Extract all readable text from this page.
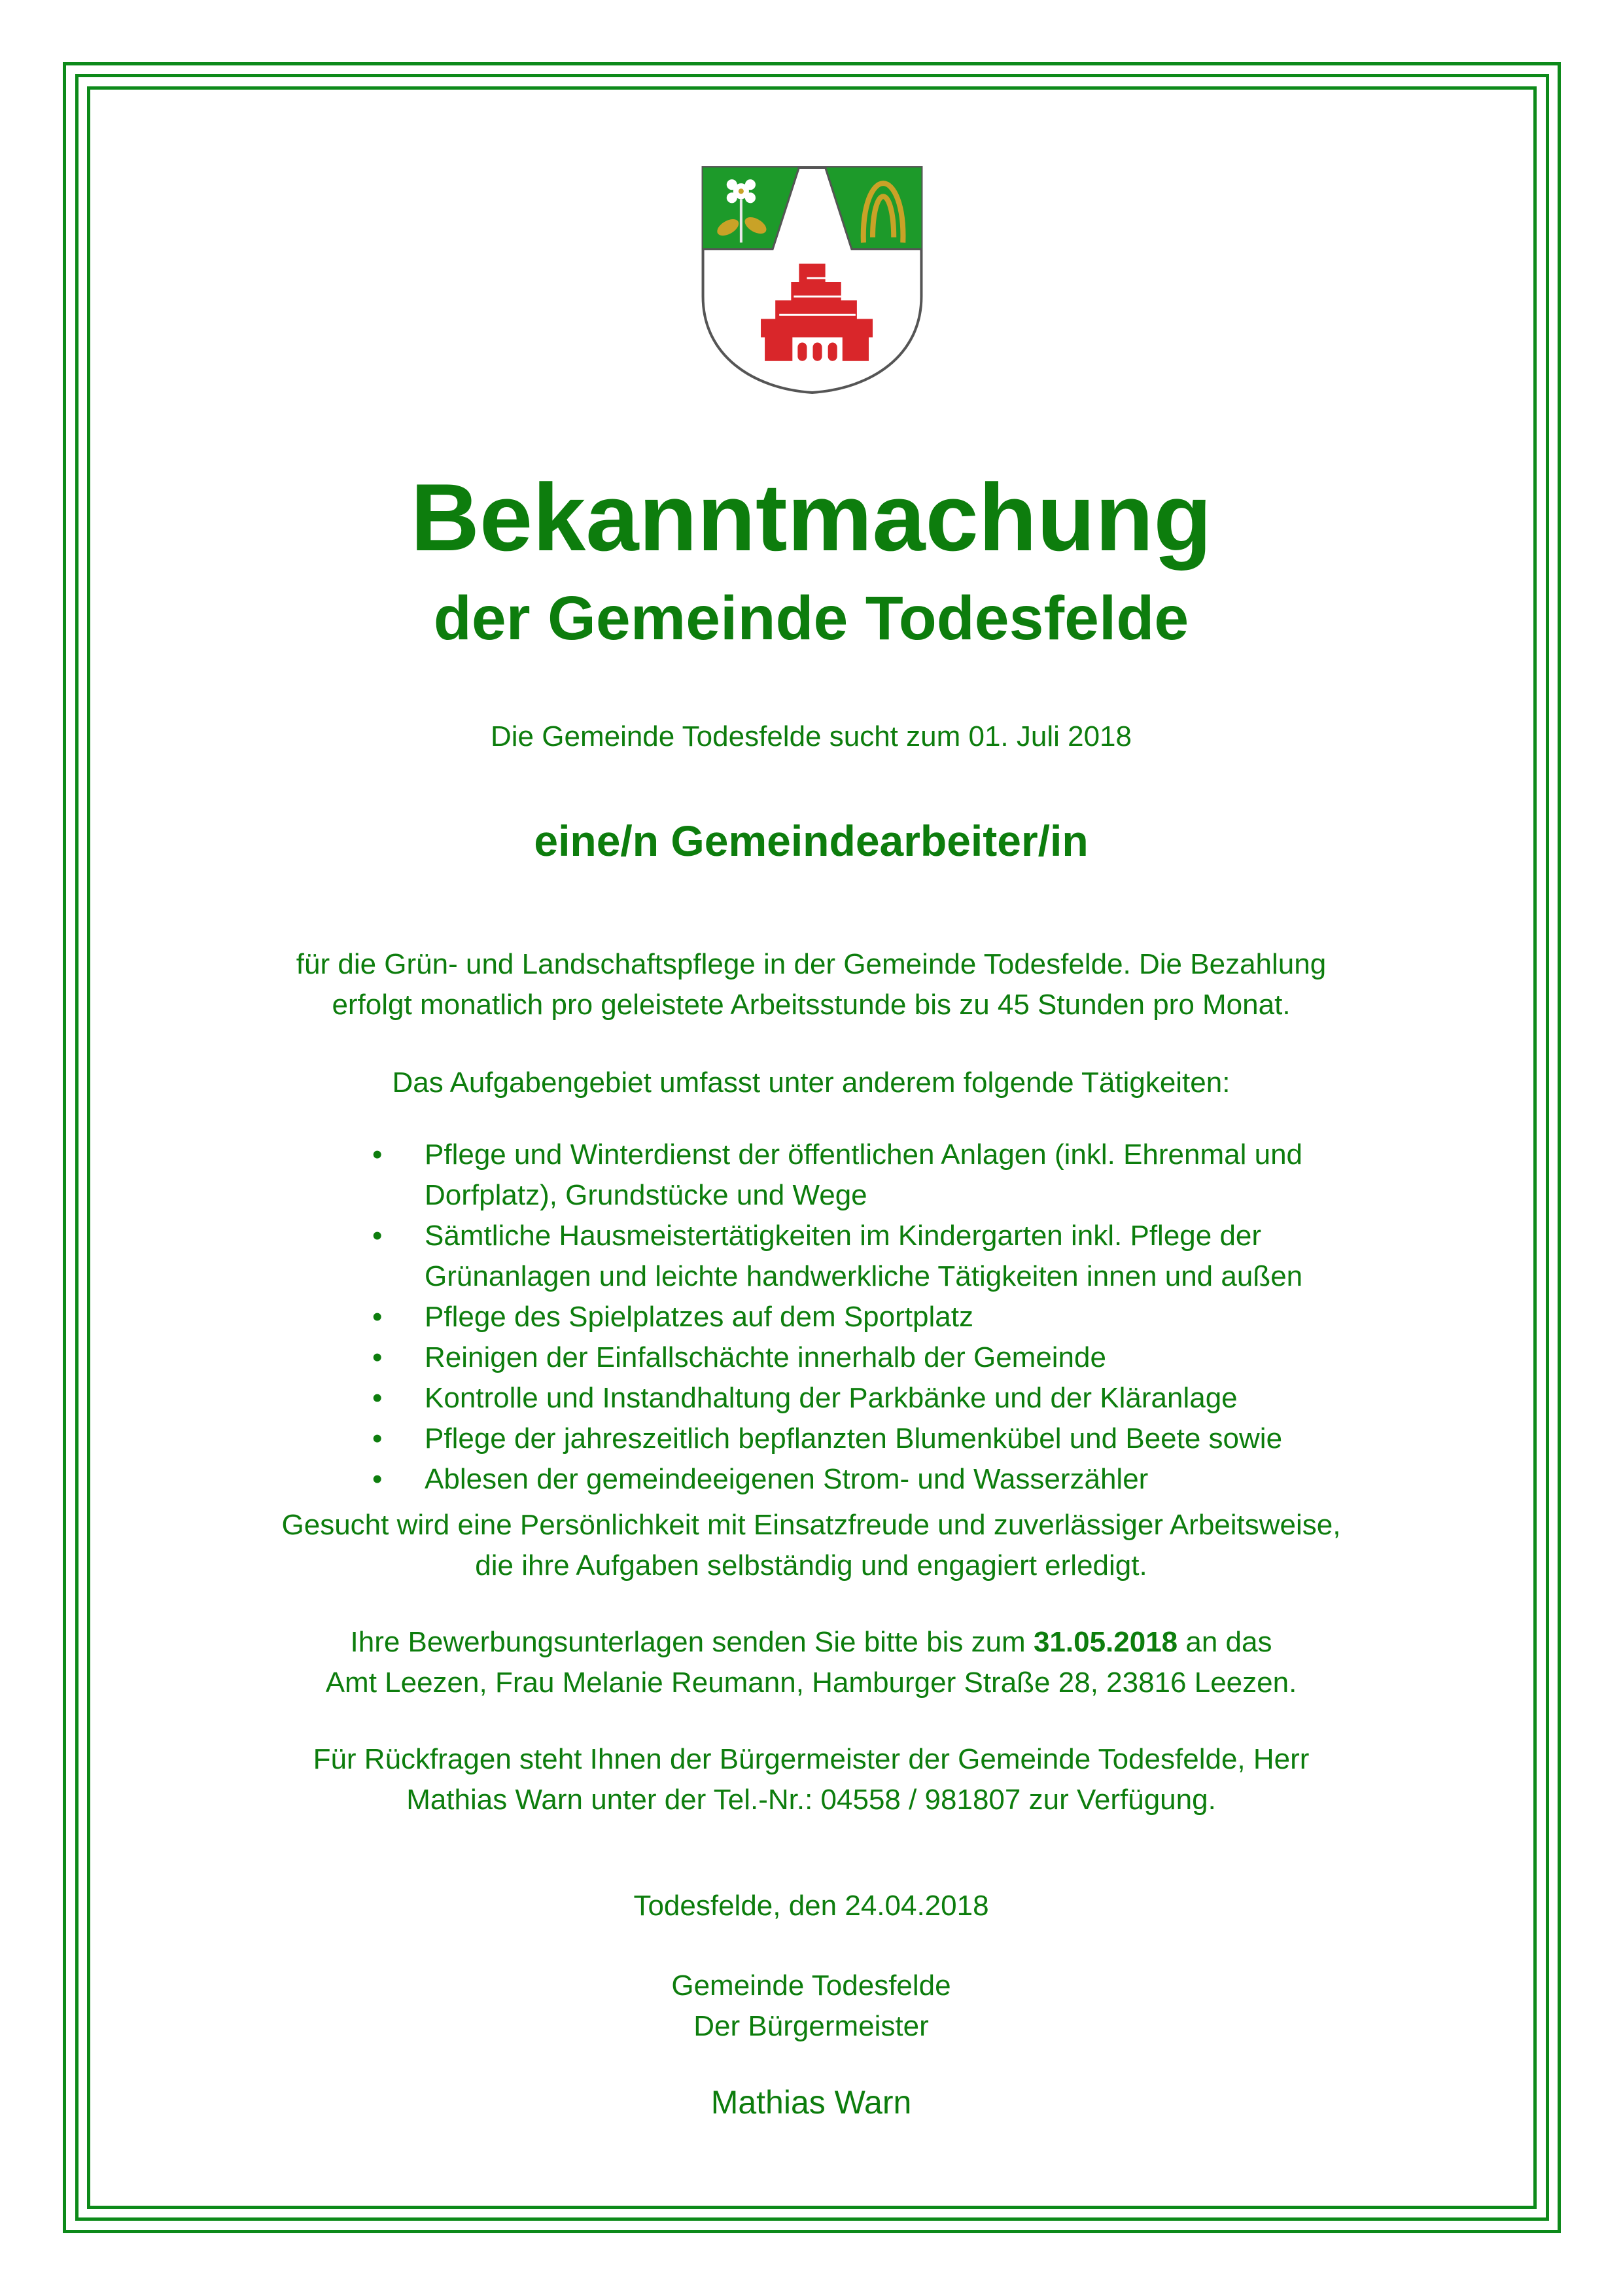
Bekanntmachung
der Gemeinde Todesfelde
Die Gemeinde Todesfelde sucht zum 01. Juli 2018
eine/n Gemeindearbeiter/in
für die Grün- und Landschaftspflege in der Gemeinde Todesfelde. Die Bezahlung
erfolgt monatlich pro geleistete Arbeitsstunde bis zu 45 Stunden pro Monat.
Das Aufgabengebiet umfasst unter anderem folgende Tätigkeiten:
• Pflege und Winterdienst der öffentlichen Anlagen (inkl. Ehrenmal und
Dorfplatz), Grundstücke und Wege
• Sämtliche Hausmeistertätigkeiten im Kindergarten inkl. Pflege der
Grünanlagen und leichte handwerkliche Tätigkeiten innen und außen
• Pflege des Spielplatzes auf dem Sportplatz
• Reinigen der Einfallschächte innerhalb der Gemeinde
• Kontrolle und Instandhaltung der Parkbänke und der Kläranlage
• Pflege der jahreszeitlich bepflanzten Blumenkübel und Beete sowie
• Ablesen der gemeindeeigenen Strom- und Wasserzähler
Gesucht wird eine Persönlichkeit mit Einsatzfreude und zuverlässiger Arbeitsweise,
die ihre Aufgaben selbständig und engagiert erledigt.
Ihre Bewerbungsunterlagen senden Sie bitte bis zum 31.05.2018 an das
Amt Leezen, Frau Melanie Reumann, Hamburger Straße 28, 23816 Leezen.
Für Rückfragen steht Ihnen der Bürgermeister der Gemeinde Todesfelde, Herr
Mathias Warn unter der Tel.-Nr.: 04558 / 981807 zur Verfügung.
Todesfelde, den 24.04.2018
Gemeinde Todesfelde
Der Bürgermeister
Mathias Warn
